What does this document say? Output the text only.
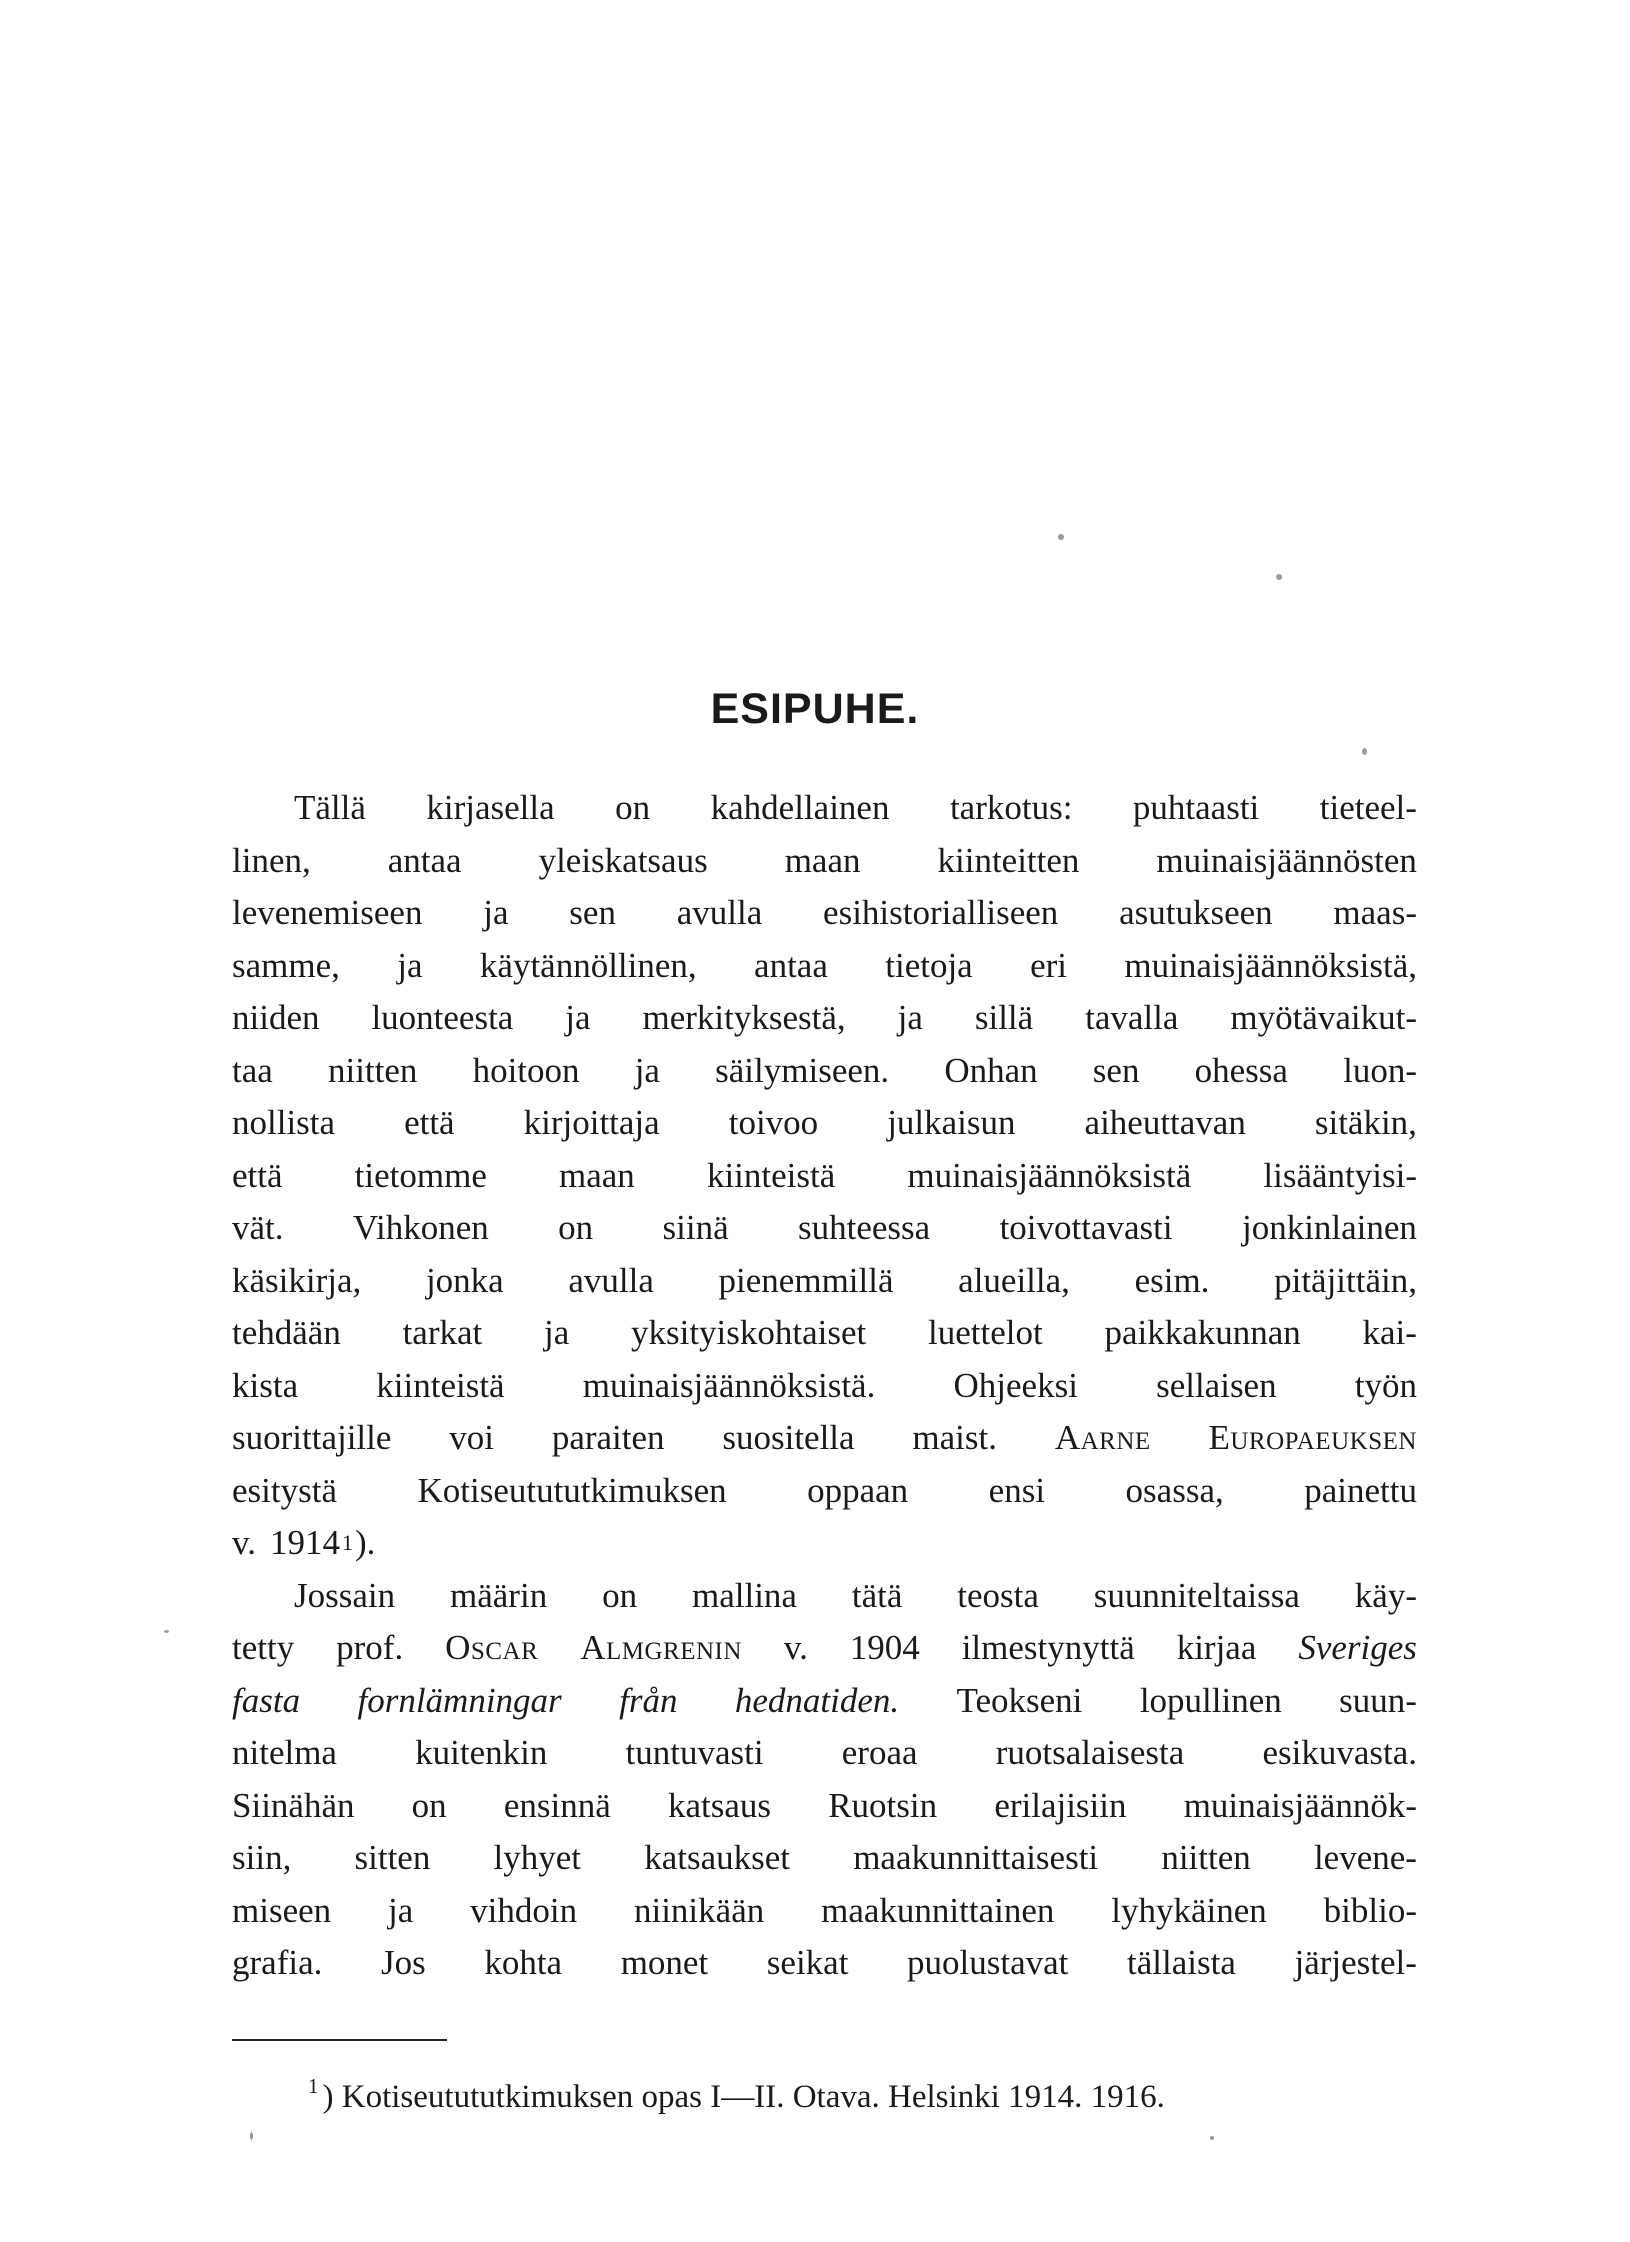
ESIPUHE.
Tällä kirjasella on kahdellainen tarkotus: puhtaasti tieteel-
linen, antaa yleiskatsaus maan kiinteitten muinaisjäännösten
levenemiseen ja sen avulla esihistorialliseen asutukseen maas-
samme, ja käytännöllinen, antaa tietoja eri muinaisjäännöksistä,
niiden luonteesta ja merkityksestä, ja sillä tavalla myötävaikut-
taa niitten hoitoon ja säilymiseen. Onhan sen ohessa luon-
nollista että kirjoittaja toivoo julkaisun aiheuttavan sitäkin,
että tietomme maan kiinteistä muinaisjäännöksistä lisääntyisi-
vät. Vihkonen on siinä suhteessa toivottavasti jonkinlainen
käsikirja, jonka avulla pienemmillä alueilla, esim. pitäjittäin,
tehdään tarkat ja yksityiskohtaiset luettelot paikkakunnan kai-
kista kiinteistä muinaisjäännöksistä. Ohjeeksi sellaisen työn
suorittajille voi paraiten suositella maist. Aarne Europaeuksen
esitystä Kotiseutututkimuksen oppaan ensi osassa, painettu
v. 1914 1 ).
Jossain määrin on mallina tätä teosta suunniteltaissa käy-
tetty prof. Oscar Almgrenin v. 1904 ilmestynyttä kirjaa Sveriges
fasta fornlämningar från hednatiden. Teokseni lopullinen suun-
nitelma kuitenkin tuntuvasti eroaa ruotsalaisesta esikuvasta.
Siinähän on ensinnä katsaus Ruotsin erilajisiin muinaisjäännök-
siin, sitten lyhyet katsaukset maakunnittaisesti niitten levene-
miseen ja vihdoin niinikään maakunnittainen lyhykäinen biblio-
grafia. Jos kohta monet seikat puolustavat tällaista järjestel-
$^1$ ) Kotiseutututkimuksen opas I—II. Otava. Helsinki 1914. 1916.
